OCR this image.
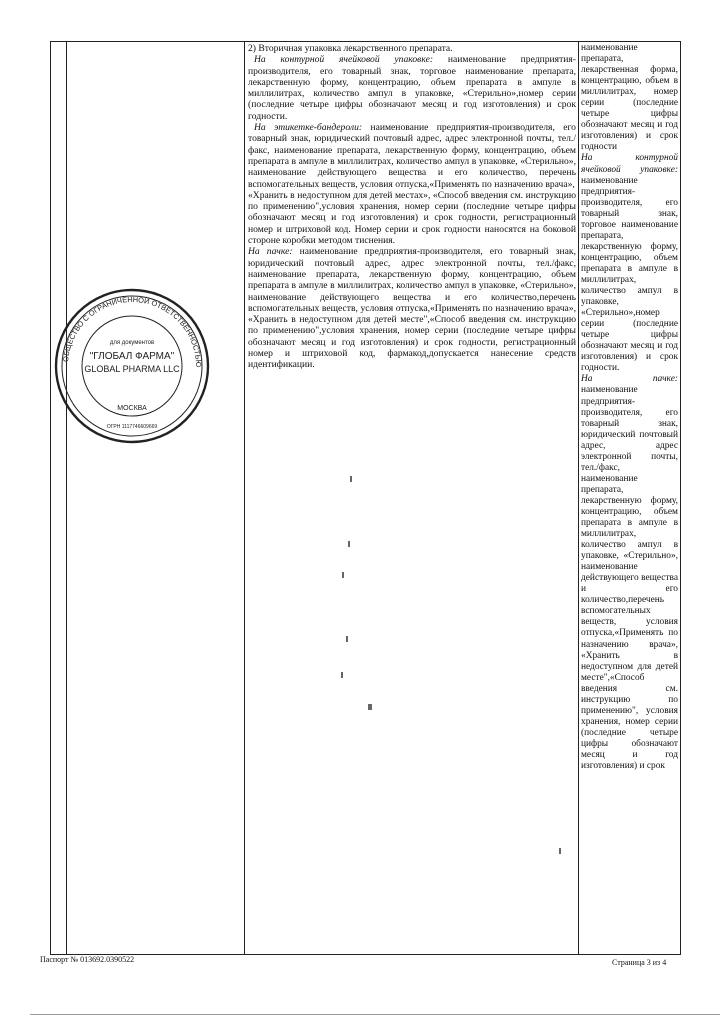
2) Вторичная упаковка лекарственного препарата.

На контурной ячейковой упаковке: наименование предприятия-производителя, его товарный знак, торговое наименование препарата, лекарственную форму, концентрацию, объем препарата в ампуле в миллилитрах, количество ампул в упаковке, «Стерильно»,номер серии (последние четыре цифры обозначают месяц и год изготовления) и срок годности.

На этикетке-бандероли: наименование предприятия-производителя, его товарный знак, юридический почтовый адрес, адрес электронной почты, тел./факс, наименование препарата, лекарственную форму, концентрацию, объем препарата в ампуле в миллилитрах, количество ампул в упаковке, «Стерильно», наименование действующего вещества и его количество, перечень вспомогательных веществ, условия отпуска,«Применять по назначению врача»,

«Хранить в недоступном для детей местах», «Способ введения см. инструкцию по применению",условия хранения, номер серии (последние четыре цифры обозначают месяц и год изготовления) и срок годности, регистрационный номер и штриховой код. Номер серии и срок годности наносятся на боковой стороне коробки методом тиснения.

На пачке: наименование предприятия-производителя, его товарный знак, юридический почтовый адрес, адрес электронной почты, тел./факс, наименование препарата, лекарственную форму, концентрацию, объем препарата в ампуле в миллилитрах, количество ампул в упаковке, «Стерильно», наименование действующего вещества и его количество,перечень вспомогательных веществ, условия отпуска,«Применять по назначению врача», «Хранить в недоступном для детей месте",«Способ введения см. инструкцию по применению",условия хранения, номер серии (последние четыре цифры обозначают месяц и год изготовления) и срок годности, регистрационный номер и штриховой код, фармакод,допускается нанесение средств идентификации.

наименование препарата, лекарственная форма, концентрацию, объем в миллилитрах, номер серии (последние четыре цифры обозначают месяц и год изготовления) и срок годности

На контурной ячейковой упаковке: наименование предприятия-производителя, его товарный знак, торговое наименование препарата, лекарственную форму, концентрацию, объем препарата в ампуле в миллилитрах, количество ампул в упаковке, «Стерильно»,номер серии (последние четыре цифры обозначают месяц и год изготовления) и срок годности.

На пачке: наименование предприятия-производителя, его товарный знак, юридический почтовый адрес, адрес электронной почты, тел./факс, наименование препарата, лекарственную форму, концентрацию, объем препарата в ампуле в миллилитрах, количество ампул в упаковке, «Стерильно», наименование действующего вещества и его количество,перечень вспомогательных веществ, условия отпуска,«Применять по назначению врача», «Хранить в недоступном для детей месте",«Способ введения см. инструкцию по применению", условия хранения, номер серии (последние четыре цифры обозначают месяц и год изготовления) и срок

ОБЩЕСТВО С ОГРАНИЧЕННОЙ ОТВЕТСТВЕННОСТЬЮ
для документов
"ГЛОБАЛ ФАРМА"
GLOBAL PHARMA LLC
МОСКВА
ОГРН 1117746609669
Паспорт № 013692.0390522	Страница 3 из 4
